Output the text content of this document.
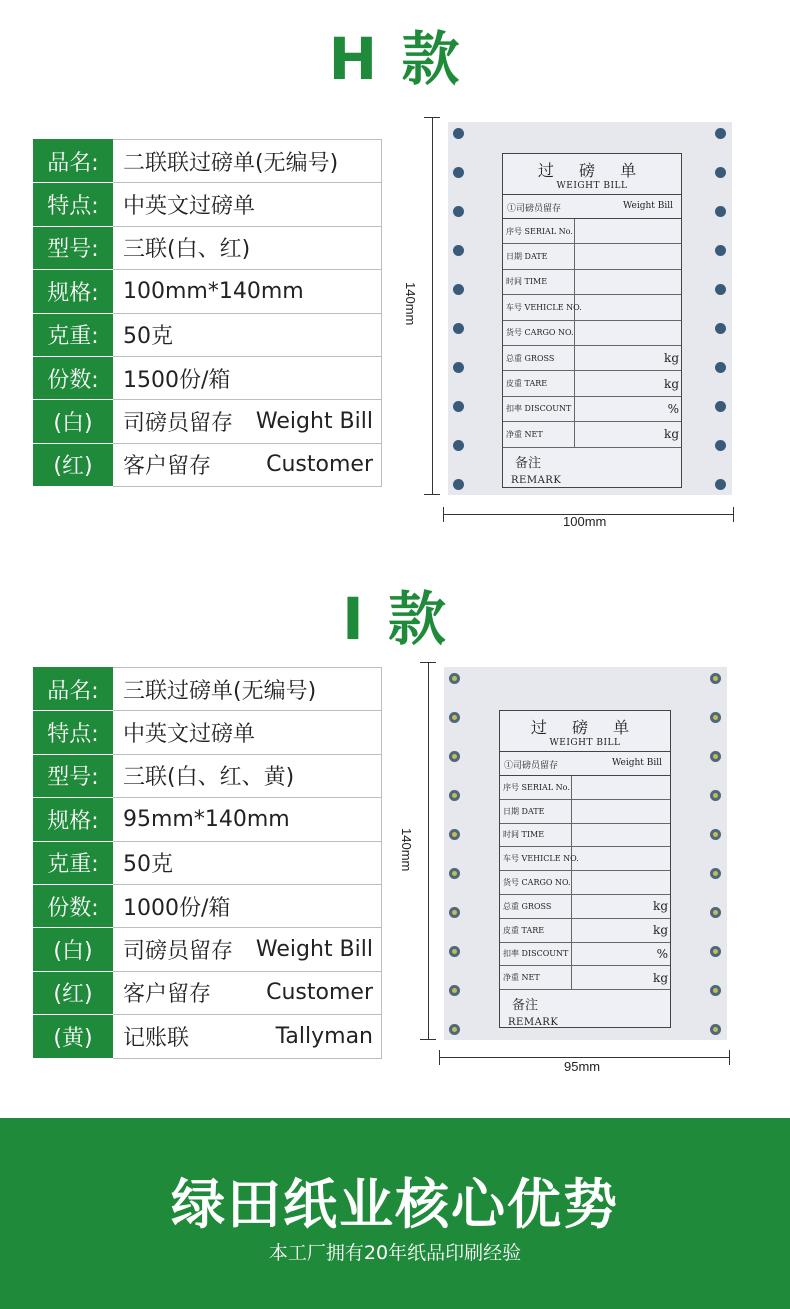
H 款
品名:	二联联过磅单(无编号)

特点:	中英文过磅单

型号:	三联(白、红)

规格:	100mm*140mm

克重:	50克

份数:	1500份/箱

(白)	司磅员留存 Weight Bill

(红)	客户留存 Customer
140mm
100mm
过 磅 单
WEIGHT BILL
①司磅员留存	Weight Bill
序号 SERIAL No.
日期 DATE
时间 TIME
车号 VEHICLE NO.
货号 CARGO NO.
总重 GROSS	kg
皮重 TARE	kg
扣率 DISCOUNT	%
净重 NET	kg
备注
REMARK
I 款
品名:	三联过磅单(无编号)

特点:	中英文过磅单

型号:	三联(白、红、黄)

规格:	95mm*140mm

克重:	50克

份数:	1000份/箱

(白)	司磅员留存 Weight Bill

(红)	客户留存 Customer

(黄)	记账联 Tallyman
140mm
95mm
过 磅 单
WEIGHT BILL
①司磅员留存	Weight Bill
序号 SERIAL No.
日期 DATE
时间 TIME
车号 VEHICLE NO.
货号 CARGO NO.
总重 GROSS	kg
皮重 TARE	kg
扣率 DISCOUNT	%
净重 NET	kg
备注
REMARK
绿田纸业核心优势
本工厂拥有20年纸品印刷经验
